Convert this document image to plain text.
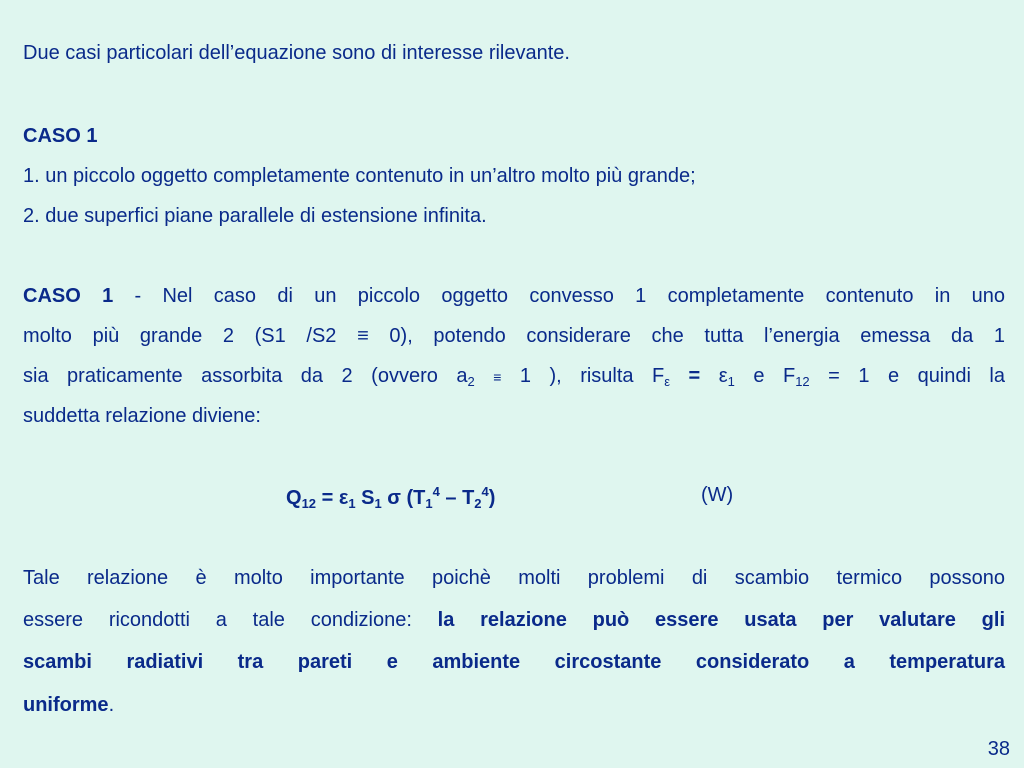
Due casi particolari dell’equazione sono di interesse rilevante.
CASO 1
1. un piccolo oggetto completamente contenuto in un’altro molto più grande;
2. due superfici piane parallele di estensione infinita.
CASO 1 - Nel caso di un piccolo oggetto convesso 1 completamente contenuto in uno
molto più grande 2 (S1 /S2 ≡ 0), potendo considerare che tutta l’energia emessa da 1
sia praticamente assorbita da 2 (ovvero $a_2 \equiv 1$ ), risulta $F_\varepsilon = \varepsilon_1$ e $F_{12} = 1$ e quindi la
suddetta relazione diviene:
$Q_{12} = \varepsilon_1$ $S_1$ σ $(T_1^4 - T_2^4)$	(W)
Tale relazione è molto importante poichè molti problemi di scambio termico possono
essere ricondotti a tale condizione: la relazione può essere usata per valutare gli
scambi radiativi tra pareti e ambiente circostante considerato a temperatura
uniforme.
38
